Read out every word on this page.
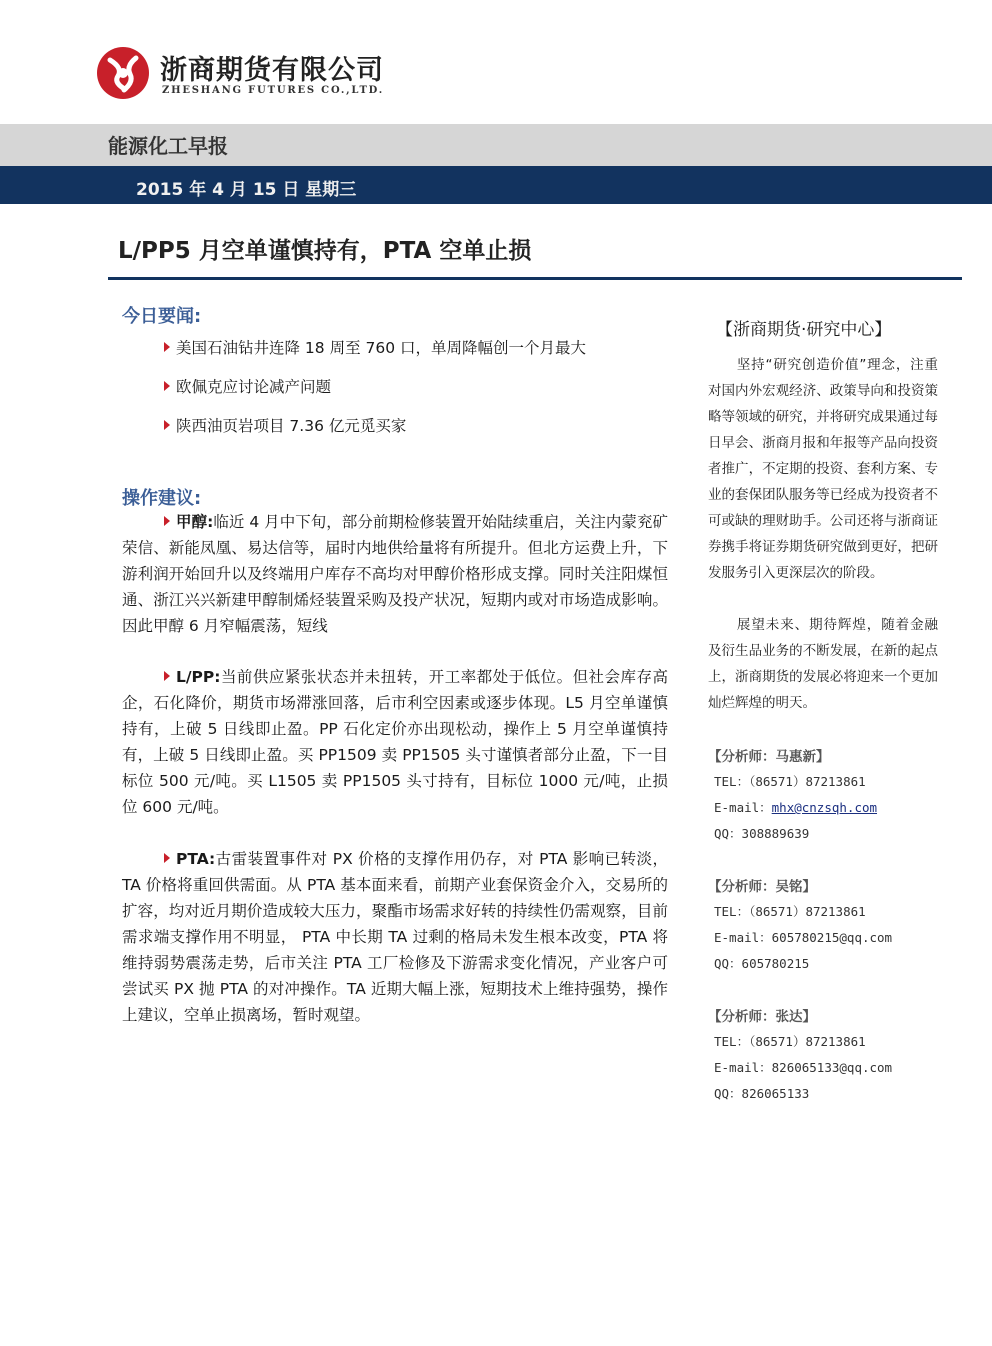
浙商期货有限公司
ZHESHANG FUTURES CO.,LTD.
能源化工早报
2015 年 4 月 15 日 星期三
L/PP5 月空单谨慎持有，PTA 空单止损
今日要闻:
美国石油钻井连降 18 周至 760 口，单周降幅创一个月最大
欧佩克应讨论减产问题
陕西油页岩项目 7.36 亿元觅买家
操作建议:
甲醇:临近 4 月中下旬，部分前期检修装置开始陆续重启，关注内蒙兖矿荣信、新能凤凰、易达信等，届时内地供给量将有所提升。但北方运费上升，下游利润开始回升以及终端用户库存不高均对甲醇价格形成支撑。同时关注阳煤恒通、浙江兴兴新建甲醇制烯烃装置采购及投产状况，短期内或对市场造成影响。因此甲醇 6 月窄幅震荡，短线
L/PP:当前供应紧张状态并未扭转，开工率都处于低位。但社会库存高企，石化降价，期货市场滞涨回落，后市利空因素或逐步体现。L5 月空单谨慎持有，上破 5 日线即止盈。PP 石化定价亦出现松动，操作上 5 月空单谨慎持有，上破 5 日线即止盈。买 PP1509 卖 PP1505 头寸谨慎者部分止盈，下一目标位 500 元/吨。买 L1505 卖 PP1505 头寸持有，目标位 1000 元/吨，止损位 600 元/吨。
PTA:古雷装置事件对 PX 价格的支撑作用仍存，对 PTA 影响已转淡，TA 价格将重回供需面。从 PTA 基本面来看，前期产业套保资金介入，交易所的扩容，均对近月期价造成较大压力，聚酯市场需求好转的持续性仍需观察，目前需求端支撑作用不明显， PTA 中长期 TA 过剩的格局未发生根本改变，PTA 将维持弱势震荡走势，后市关注 PTA 工厂检修及下游需求变化情况，产业客户可尝试买 PX 抛 PTA 的对冲操作。TA 近期大幅上涨，短期技术上维持强势，操作上建议，空单止损离场，暂时观望。
【浙商期货·研究中心】
坚持“研究创造价值”理念，注重对国内外宏观经济、政策导向和投资策略等领域的研究，并将研究成果通过每日早会、浙商月报和年报等产品向投资者推广，不定期的投资、套利方案、专业的套保团队服务等已经成为投资者不可或缺的理财助手。公司还将与浙商证券携手将证券期货研究做到更好，把研发服务引入更深层次的阶段。
展望未来、期待辉煌，随着金融及衍生品业务的不断发展，在新的起点上，浙商期货的发展必将迎来一个更加灿烂辉煌的明天。
【分析师：马惠新】
TEL：（86571）87213861
E-mail：mhx@cnzsqh.com
QQ：308889639
【分析师：吴铭】
TEL：（86571）87213861
E-mail：605780215@qq.com
QQ：605780215
【分析师：张达】
TEL：（86571）87213861
E-mail：826065133@qq.com
QQ：826065133
